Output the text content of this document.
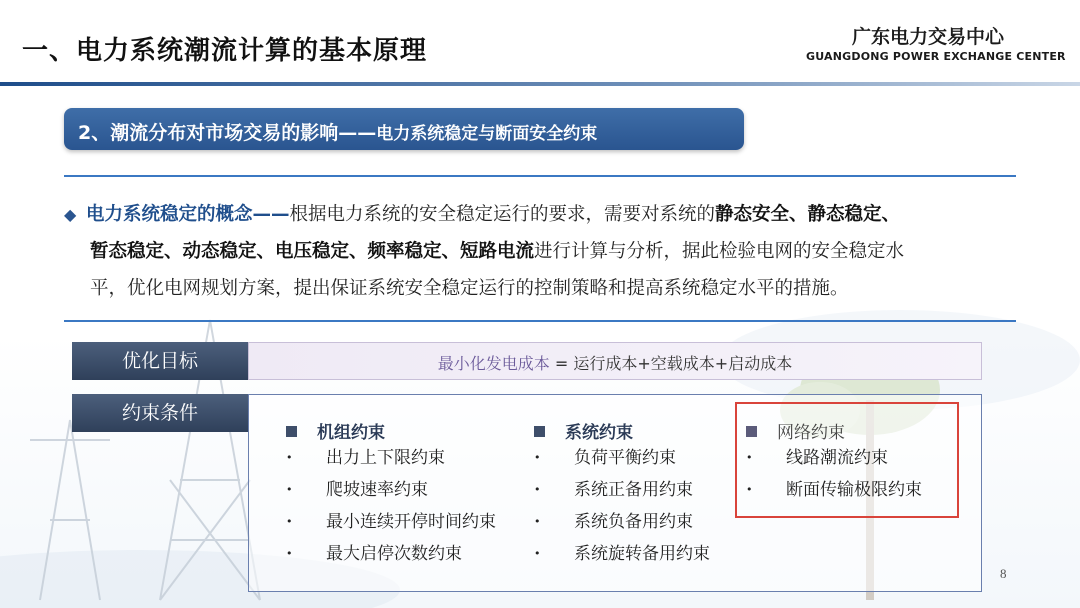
一、电力系统潮流计算的基本原理	广东电力交易中心
GUANGDONG POWER EXCHANGE CENTER
2、潮流分布对市场交易的影响——电力系统稳定与断面安全约束
◆ 电力系统稳定的概念——根据电力系统的安全稳定运行的要求，需要对系统的静态安全、静态稳定、
暂态稳定、动态稳定、电压稳定、频率稳定、短路电流进行计算与分析，据此检验电网的安全稳定水
平，优化电网规划方案，提出保证系统安全稳定运行的控制策略和提高系统稳定水平的措施。
优化目标	最小化发电成本 = 运行成本+空载成本+启动成本
约束条件
机组约束
• 出力上下限约束
• 爬坡速率约束
• 最小连续开停时间约束
• 最大启停次数约束
系统约束
• 负荷平衡约束
• 系统正备用约束
• 系统负备用约束
• 系统旋转备用约束
网络约束
• 线路潮流约束
• 断面传输极限约束
8
